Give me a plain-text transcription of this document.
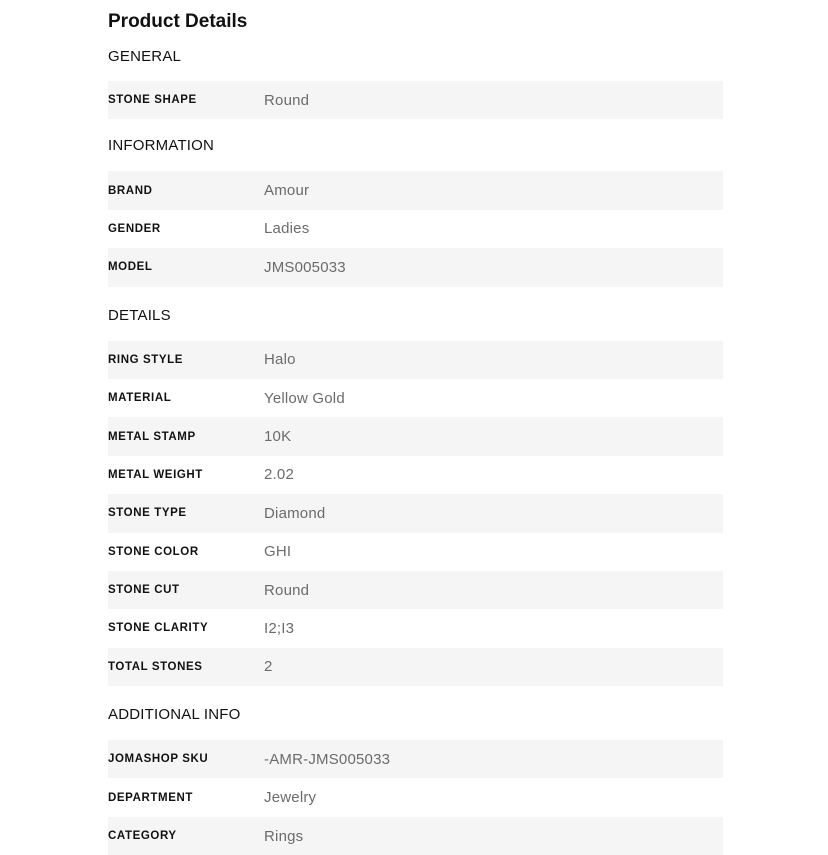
Product Details
GENERAL
STONE SHAPE	Round
INFORMATION
BRAND	Amour
GENDER	Ladies
MODEL	JMS005033
DETAILS
RING STYLE	Halo
MATERIAL	Yellow Gold
METAL STAMP	10K
METAL WEIGHT	2.02
STONE TYPE	Diamond
STONE COLOR	GHI
STONE CUT	Round
STONE CLARITY	I2;I3
TOTAL STONES	2
ADDITIONAL INFO
JOMASHOP SKU	-AMR-JMS005033
DEPARTMENT	Jewelry
CATEGORY	Rings
